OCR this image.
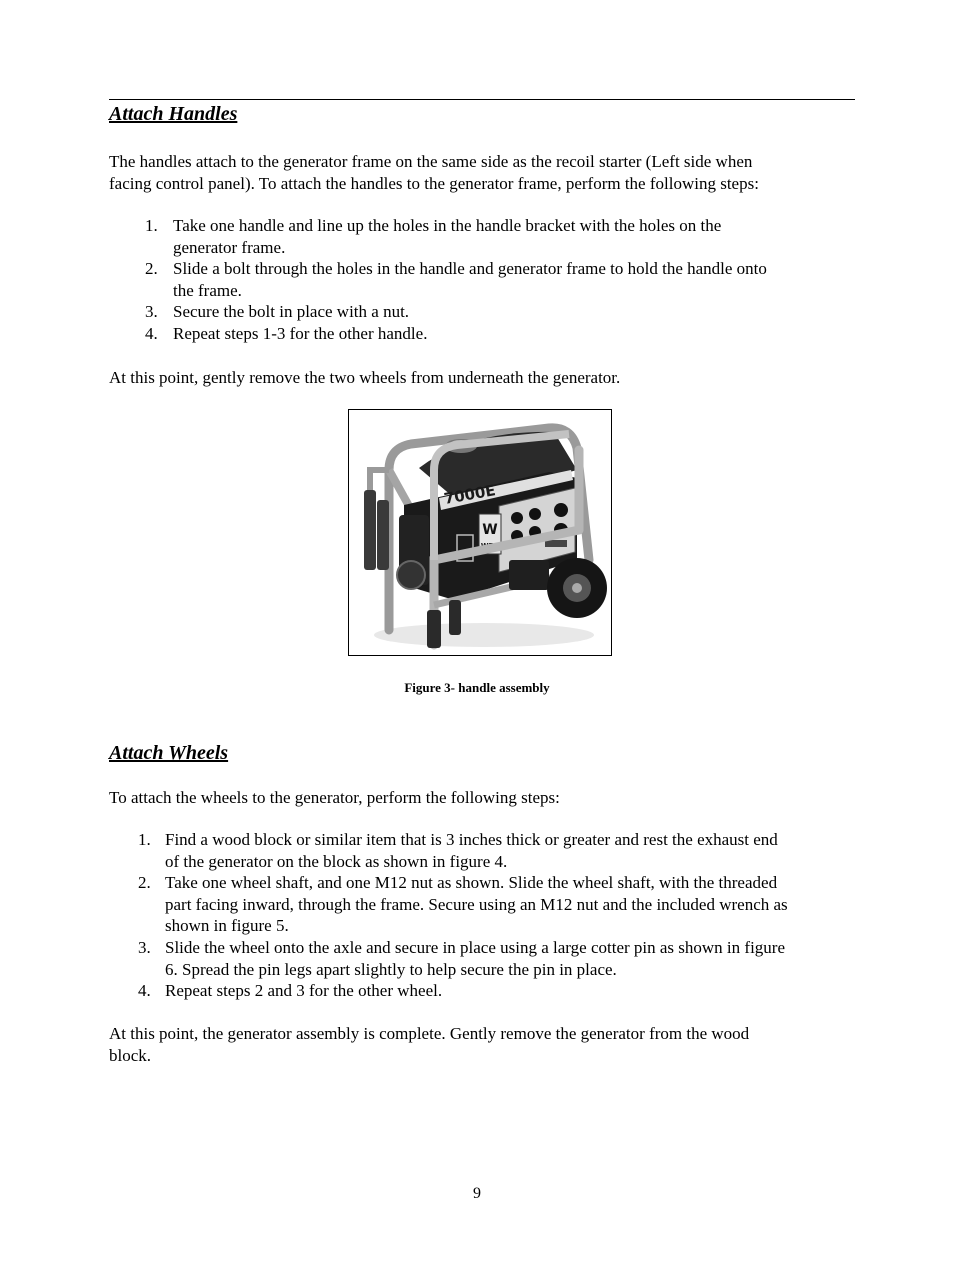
Attach Handles
The handles attach to the generator frame on the same side as the recoil starter (Left side when
facing control panel). To attach the handles to the generator frame, perform the following steps:
1. Take one handle and line up the holes in the handle bracket with the holes on the
generator frame.
2. Slide a bolt through the holes in the handle and generator frame to hold the handle onto
the frame.
3. Secure the bolt in place with a nut.
4. Repeat steps 1-3 for the other handle.

At this point, gently remove the two wheels from underneath the generator.

7000E
W
WEN

Figure 3- handle assembly

Attach Wheels

To attach the wheels to the generator, perform the following steps:

1. Find a wood block or similar item that is 3 inches thick or greater and rest the exhaust end
of the generator on the block as shown in figure 4.
2. Take one wheel shaft, and one M12 nut as shown. Slide the wheel shaft, with the threaded
part facing inward, through the frame. Secure using an M12 nut and the included wrench as
shown in figure 5.
3. Slide the wheel onto the axle and secure in place using a large cotter pin as shown in figure
6. Spread the pin legs apart slightly to help secure the pin in place.
4. Repeat steps 2 and 3 for the other wheel.
At this point, the generator assembly is complete. Gently remove the generator from the wood
block.

9
